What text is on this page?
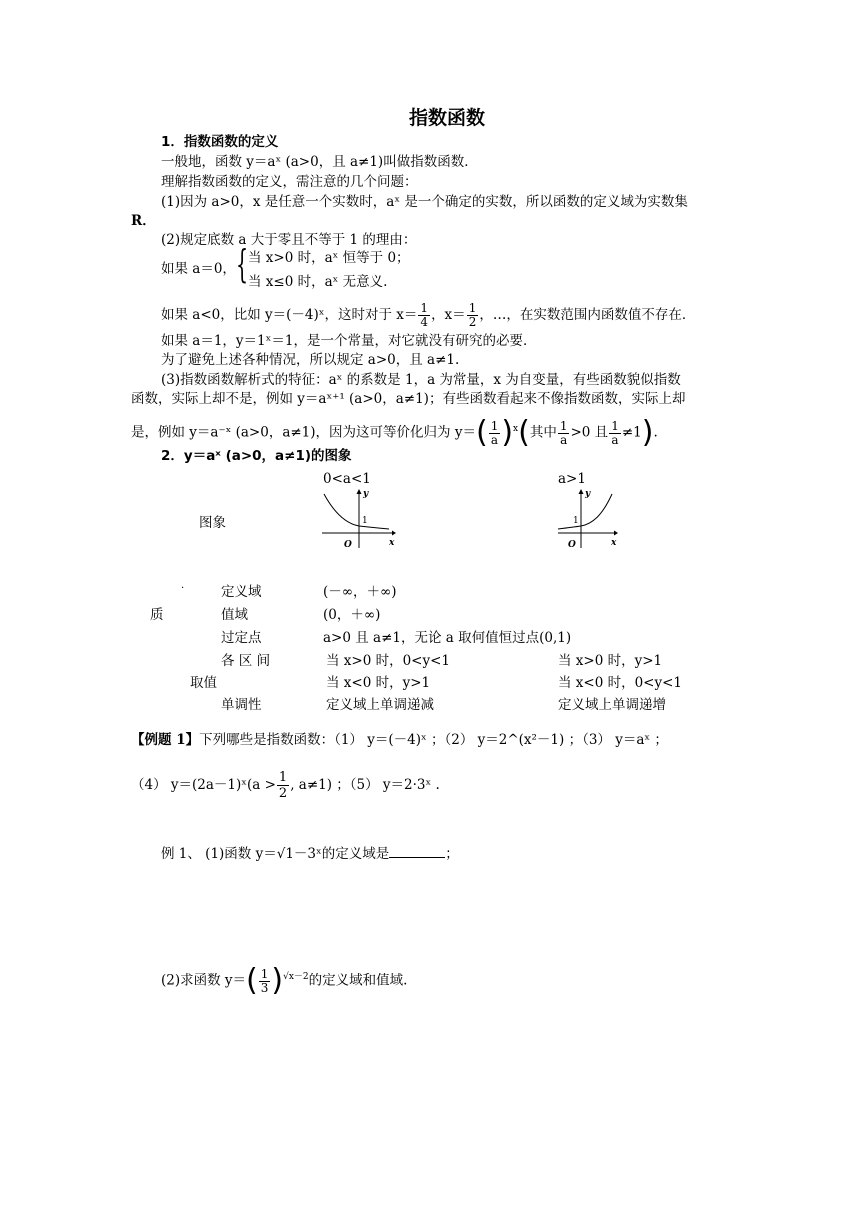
指数函数
1．指数函数的定义
一般地，函数 y＝aˣ (a>0，且 a≠1)叫做指数函数．
理解指数函数的定义，需注意的几个问题：
(1)因为 a>0，x 是任意一个实数时，aˣ 是一个确定的实数，所以函数的定义域为实数集
R．
(2)规定底数 a 大于零且不等于 1 的理由：
如果 a＝0， { 当 x>0 时，aˣ 恒等于 0；
当 x≤0 时，aˣ 无意义.
如果 a<0，比如 y＝(－4)ˣ，这时对于 $x= \frac{1}{4}$ ，$x= \frac{1}{2}$ ，…，在实数范围内函数值不存在．
如果 a＝1，y＝1ˣ＝1，是一个常量，对它就没有研究的必要．
为了避免上述各种情况，所以规定 a>0，且 a≠1.
(3)指数函数解析式的特征：aˣ 的系数是 1，a 为常量，x 为自变量，有些函数貌似指数
函数，实际上却不是，例如 y＝aˣ⁺¹ (a>0，a≠1)；有些函数看起来不像指数函数，实际上却
是，例如 y＝a⁻ˣ (a>0，a≠1)，因为这可等价化归为 $y=( \frac{1}{a} )^x$(其中 $\frac{1}{a} >0$ 且 $\frac{1}{a} \ne 1$).
2．y＝aˣ (a>0，a≠1)的图象
0<a<1	a>1
图象
y
x
O
1
y
x
O
1
·
质
定义域	(－∞，＋∞)
值域	(0，＋∞)
过定点	a>0 且 a≠1，无论 a 取何值恒过点(0,1)
各 区 间	当 x>0 时，0<y<1	当 x>0 时，y>1
取值	当 x<0 时，y>1	当 x<0 时，0<y<1
单调性	定义域上单调递减	定义域上单调递增
【例题 1】下列哪些是指数函数：（1） y＝(－4)ˣ ；（2） y＝2^(x²－1) ；（3） y＝aˣ ；
（4） y＝(2a－1)ˣ(a > $\frac{1}{2}$ , a≠1) ；（5） y＝2·3ˣ .
例 1、 (1)函数 y＝√1－3ˣ的定义域是	；
(2)求函数 $y=( \frac{1}{3} )^{√x-2}$的定义域和值域.
